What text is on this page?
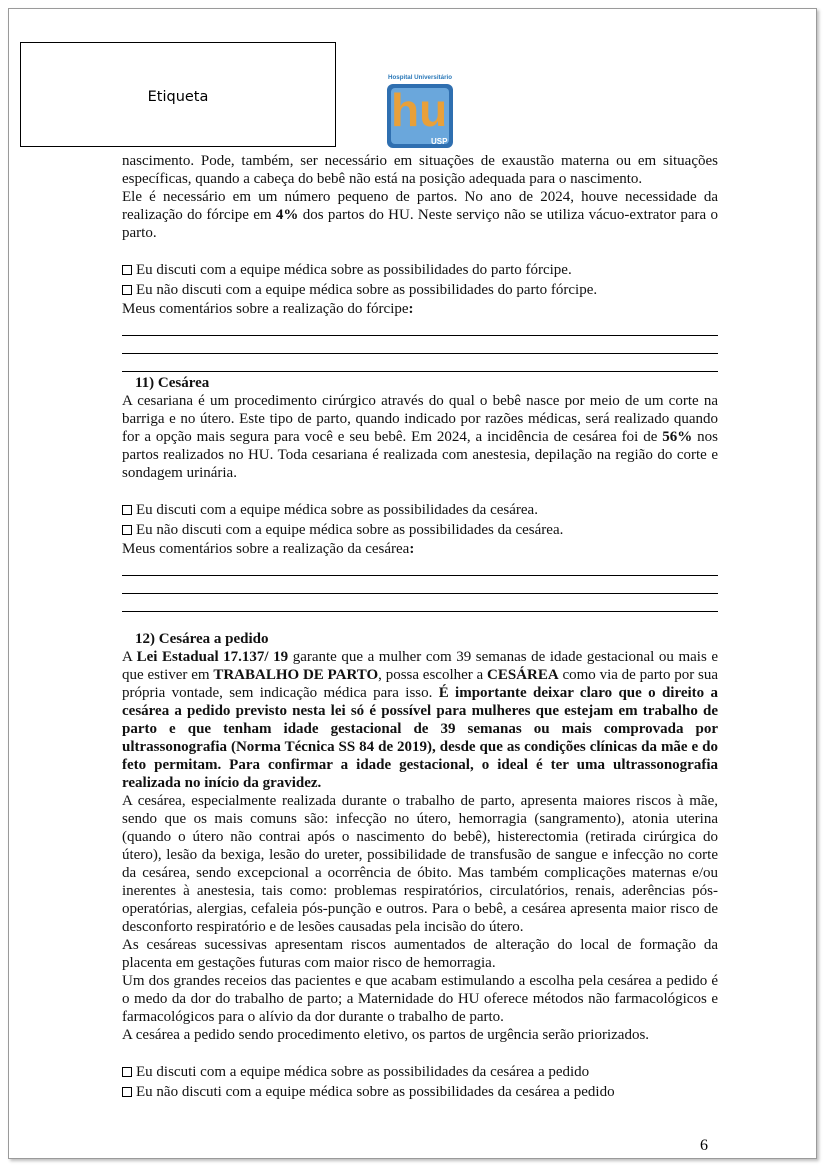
Etiqueta
Hospital Universitário
hu
USP

nascimento. Pode, também, ser necessário em situações de exaustão materna ou em situações específicas, quando a cabeça do bebê não está na posição adequada para o nascimento.

Ele é necessário em um número pequeno de partos. No ano de 2024, houve necessidade da realização do fórcipe em 4% dos partos do HU. Neste serviço não se utiliza vácuo-extrator para o parto.

Eu discuti com a equipe médica sobre as possibilidades do parto fórcipe.

Eu não discuti com a equipe médica sobre as possibilidades do parto fórcipe.

Meus comentários sobre a realização do fórcipe:

11) Cesárea

A cesariana é um procedimento cirúrgico através do qual o bebê nasce por meio de um corte na barriga e no útero. Este tipo de parto, quando indicado por razões médicas, será realizado quando for a opção mais segura para você e seu bebê. Em 2024, a incidência de cesárea foi de 56% nos partos realizados no HU. Toda cesariana é realizada com anestesia, depilação na região do corte e sondagem urinária.

Eu discuti com a equipe médica sobre as possibilidades da cesárea.

Eu não discuti com a equipe médica sobre as possibilidades da cesárea.

Meus comentários sobre a realização da cesárea:

12) Cesárea a pedido

A Lei Estadual 17.137/ 19 garante que a mulher com 39 semanas de idade gestacional ou mais e que estiver em TRABALHO DE PARTO, possa escolher a CESÁREA como via de parto por sua própria vontade, sem indicação médica para isso. É importante deixar claro que o direito a cesárea a pedido previsto nesta lei só é possível para mulheres que estejam em trabalho de parto e que tenham idade gestacional de 39 semanas ou mais comprovada por ultrassonografia (Norma Técnica SS 84 de 2019), desde que as condições clínicas da mãe e do feto permitam. Para confirmar a idade gestacional, o ideal é ter uma ultrassonografia realizada no início da gravidez.

A cesárea, especialmente realizada durante o trabalho de parto, apresenta maiores riscos à mãe, sendo que os mais comuns são: infecção no útero, hemorragia (sangramento), atonia uterina (quando o útero não contrai após o nascimento do bebê), histerectomia (retirada cirúrgica do útero), lesão da bexiga, lesão do ureter, possibilidade de transfusão de sangue e infecção no corte da cesárea, sendo excepcional a ocorrência de óbito. Mas também complicações maternas e/ou inerentes à anestesia, tais como: problemas respiratórios, circulatórios, renais, aderências pós-operatórias, alergias, cefaleia pós-punção e outros. Para o bebê, a cesárea apresenta maior risco de desconforto respiratório e de lesões causadas pela incisão do útero.

As cesáreas sucessivas apresentam riscos aumentados de alteração do local de formação da placenta em gestações futuras com maior risco de hemorragia.

Um dos grandes receios das pacientes e que acabam estimulando a escolha pela cesárea a pedido é o medo da dor do trabalho de parto; a Maternidade do HU oferece métodos não farmacológicos e farmacológicos para o alívio da dor durante o trabalho de parto.

A cesárea a pedido sendo procedimento eletivo, os partos de urgência serão priorizados.

Eu discuti com a equipe médica sobre as possibilidades da cesárea a pedido

Eu não discuti com a equipe médica sobre as possibilidades da cesárea a pedido

6
